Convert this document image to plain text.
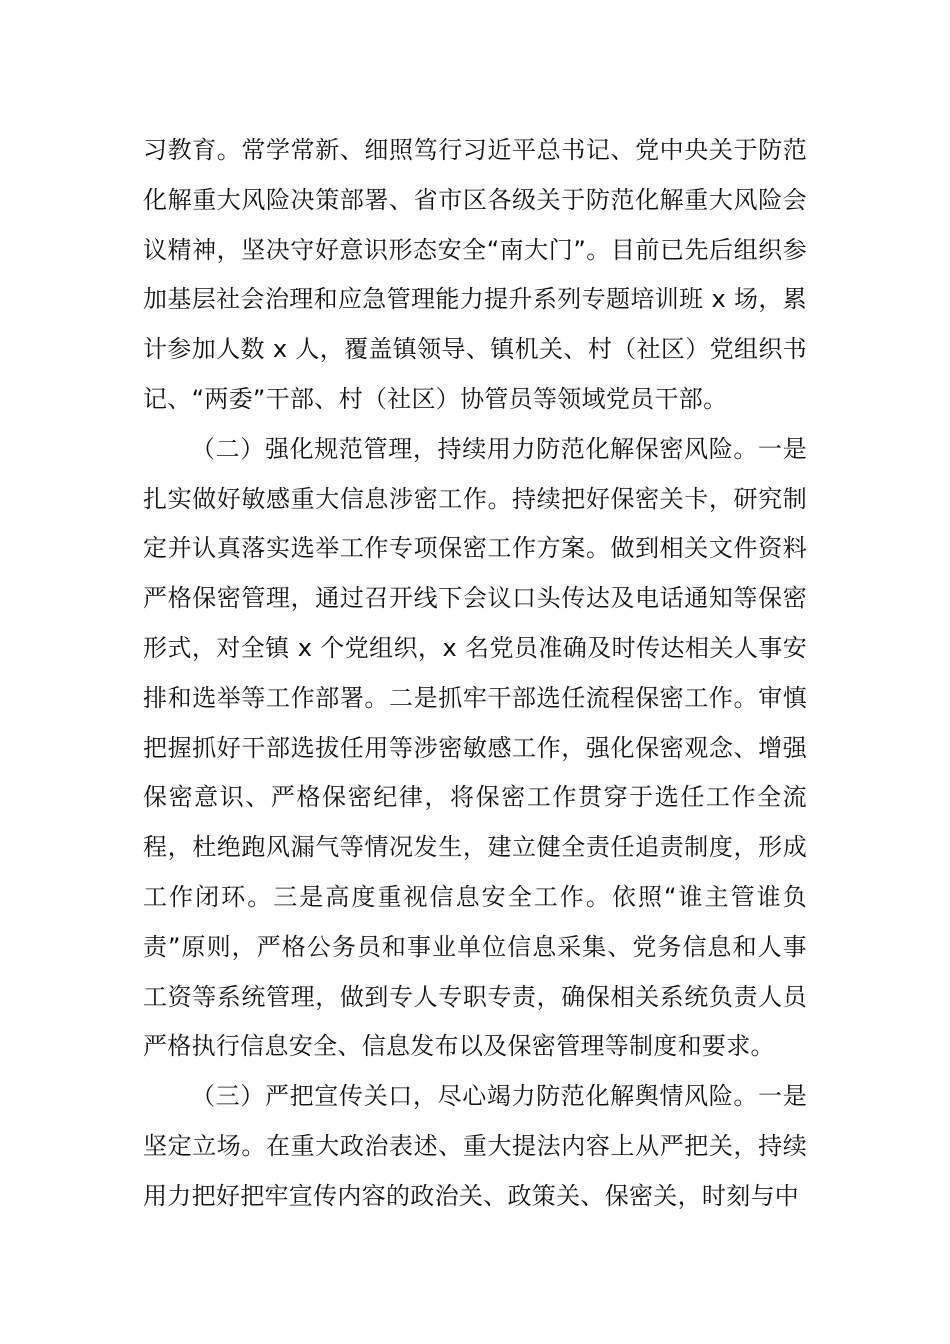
习教育。常学常新、细照笃行习近平总书记、党中央关于防范化解重大风险决策部署、省市区各级关于防范化解重大风险会议精神，坚决守好意识形态安全“南大门”。目前已先后组织参加基层社会治理和应急管理能力提升系列专题培训班 x 场，累计参加人数 x 人，覆盖镇领导、镇机关、村（社区）党组织书记、“两委”干部、村（社区）协管员等领域党员干部。

（二）强化规范管理，持续用力防范化解保密风险。一是扎实做好敏感重大信息涉密工作。持续把好保密关卡，研究制定并认真落实选举工作专项保密工作方案。做到相关文件资料严格保密管理，通过召开线下会议口头传达及电话通知等保密形式，对全镇 x 个党组织，x 名党员准确及时传达相关人事安排和选举等工作部署。二是抓牢干部选任流程保密工作。审慎把握抓好干部选拔任用等涉密敏感工作，强化保密观念、增强保密意识、严格保密纪律，将保密工作贯穿于选任工作全流程，杜绝跑风漏气等情况发生，建立健全责任追责制度，形成工作闭环。三是高度重视信息安全工作。依照“谁主管谁负责”原则，严格公务员和事业单位信息采集、党务信息和人事工资等系统管理，做到专人专职专责，确保相关系统负责人员严格执行信息安全、信息发布以及保密管理等制度和要求。

（三）严把宣传关口，尽心竭力防范化解舆情风险。一是坚定立场。在重大政治表述、重大提法内容上从严把关，持续用力把好把牢宣传内容的政治关、政策关、保密关，时刻与中
